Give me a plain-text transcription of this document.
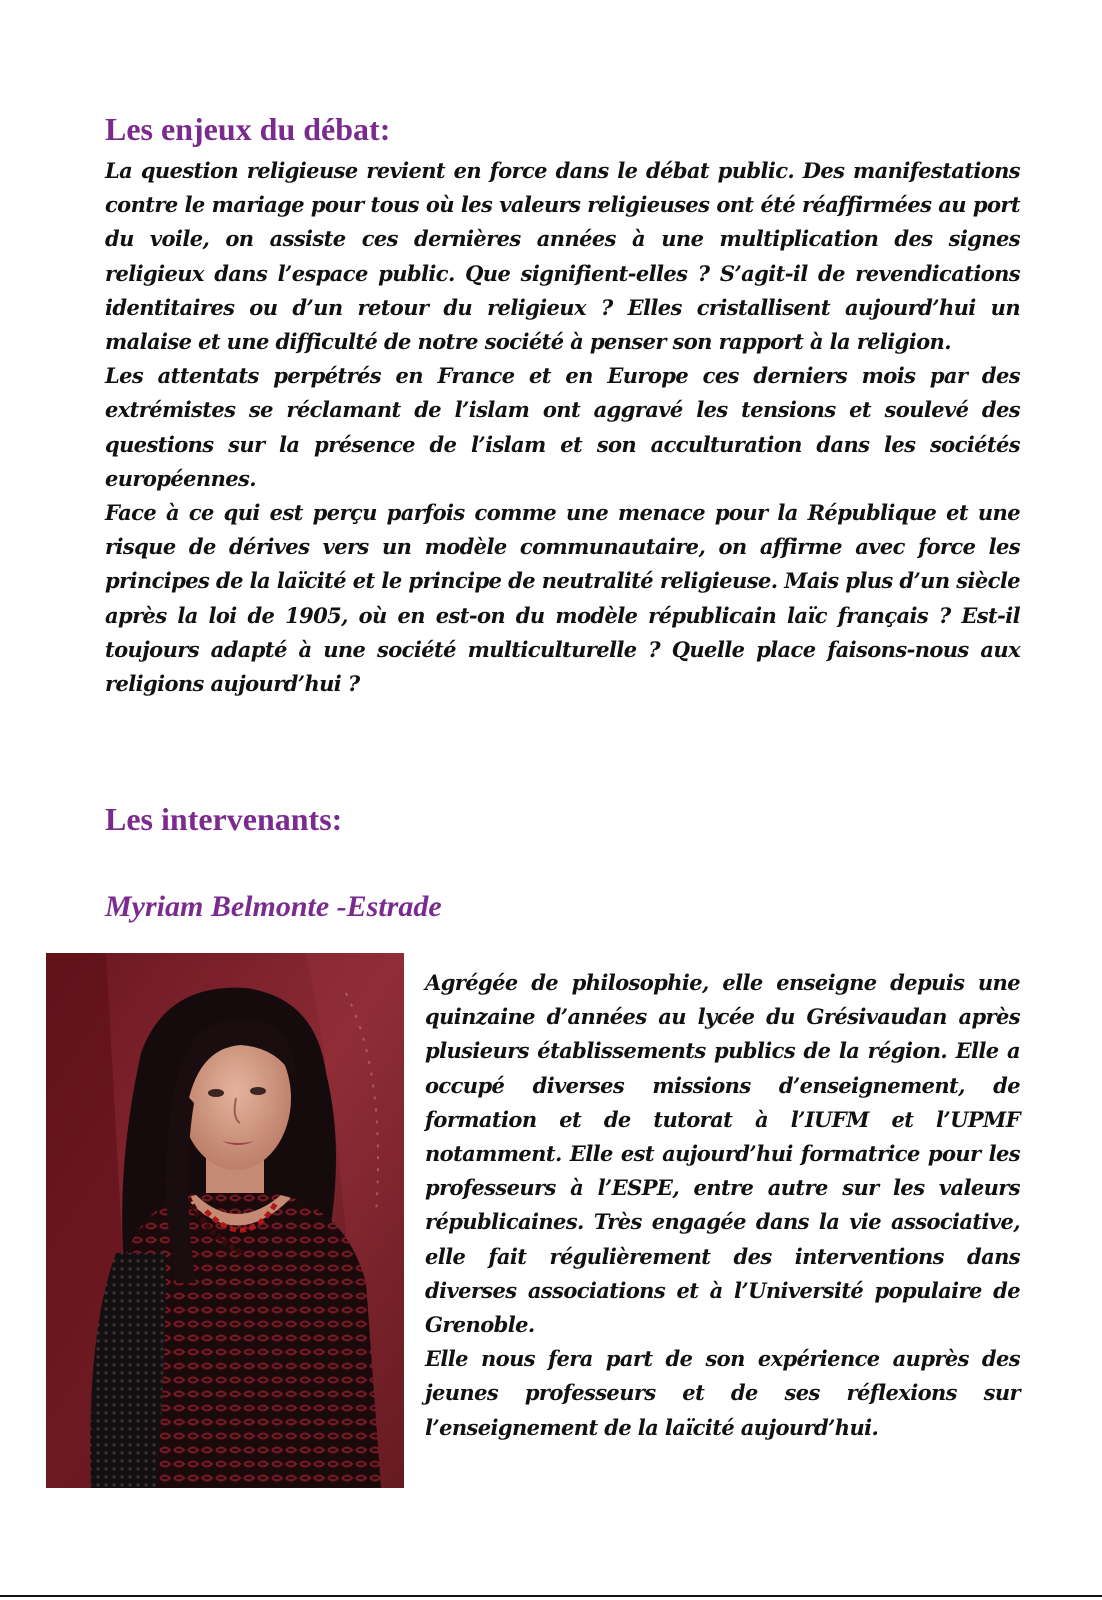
Les enjeux du débat:

La question religieuse revient en force dans le débat public. Des manifestations contre le mariage pour tous où les valeurs religieuses ont été réaffirmées au port du voile, on assiste ces dernières années à une multiplication des signes religieux dans l’espace public. Que signifient-elles ? S’agit-il de revendications identitaires ou d’un retour du religieux ? Elles cristallisent aujourd’hui un malaise et une difficulté de notre société à penser son rapport à la religion.

Les attentats perpétrés en France et en Europe ces derniers mois par des extrémistes se réclamant de l’islam ont aggravé les tensions et soulevé des questions sur la présence de l’islam et son acculturation dans les sociétés européennes.

Face à ce qui est perçu parfois comme une menace pour la République et une risque de dérives vers un modèle communautaire, on affirme avec force les principes de la laïcité et le principe de neutralité religieuse. Mais plus d’un siècle après la loi de 1905, où en est-on du modèle républicain laïc français ? Est-il toujours adapté à une société multiculturelle ? Quelle place faisons-nous aux religions aujourd’hui ?

Les intervenants:
Myriam Belmonte -Estrade

Agrégée de philosophie, elle enseigne depuis une quinzaine d’années au lycée du Grésivaudan après plusieurs établissements publics de la région. Elle a occupé diverses missions d’enseignement, de formation et de tutorat à l’IUFM et l’UPMF notamment. Elle est aujourd’hui formatrice pour les professeurs à l’ESPE, entre autre sur les valeurs républicaines. Très engagée dans la vie associative, elle fait régulièrement des interventions dans diverses associations et à l’Université populaire de Grenoble.

Elle nous fera part de son expérience auprès des jeunes professeurs et de ses réflexions sur l’enseignement de la laïcité aujourd’hui.
